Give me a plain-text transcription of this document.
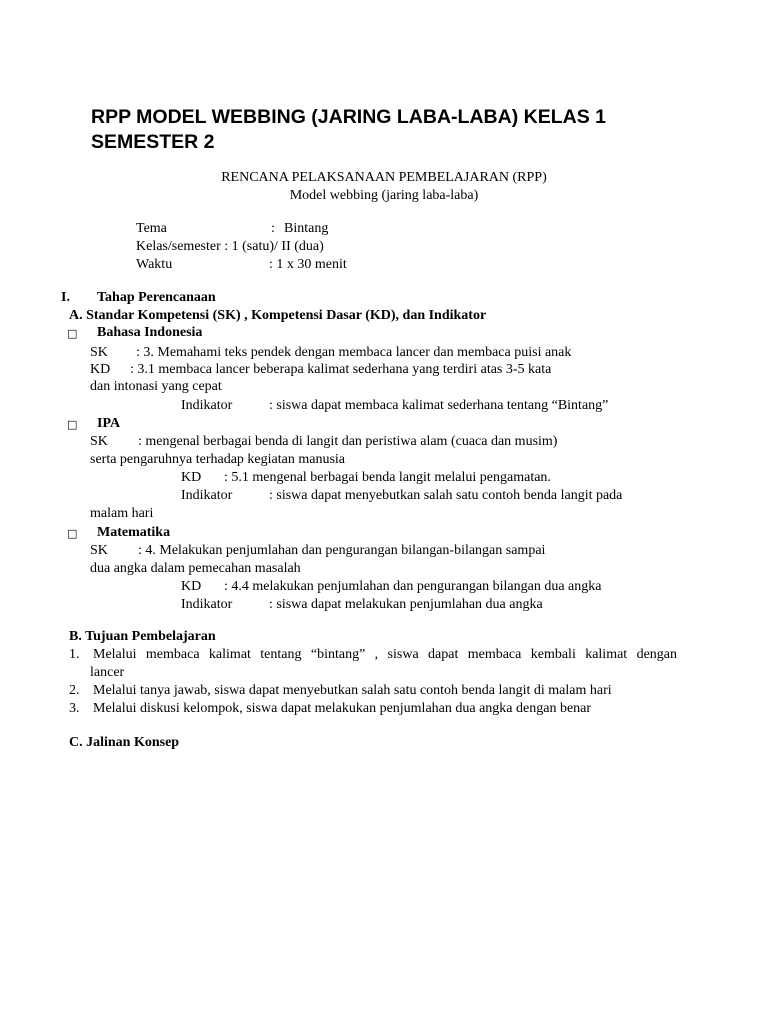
RPP MODEL WEBBING (JARING LABA-LABA) KELAS 1 SEMESTER 2
RENCANA PELAKSANAAN PEMBELAJARAN (RPP)
Model webbing (jaring laba-laba)
Tema	: Bintang
Kelas/semester : 1 (satu)/ II (dua)
Waktu	: 1 x 30 menit
I. Tahap Perencanaan
A. Standar Kompetensi (SK) , Kompetensi Dasar (KD), dan Indikator
□ Bahasa Indonesia
SK : 3. Memahami teks pendek dengan membaca lancer dan membaca puisi anak
KD : 3.1 membaca lancer beberapa kalimat sederhana yang terdiri atas 3-5 kata
dan intonasi yang cepat
Indikator	: siswa dapat membaca kalimat sederhana tentang “Bintang”
□ IPA
SK : mengenal berbagai benda di langit dan peristiwa alam (cuaca dan musim)
serta pengaruhnya terhadap kegiatan manusia
KD : 5.1 mengenal berbagai benda langit melalui pengamatan.
Indikator	: siswa dapat menyebutkan salah satu contoh benda langit pada
malam hari
□ Matematika
SK : 4. Melakukan penjumlahan dan pengurangan bilangan-bilangan sampai
dua angka dalam pemecahan masalah
KD : 4.4 melakukan penjumlahan dan pengurangan bilangan dua angka
Indikator	: siswa dapat melakukan penjumlahan dua angka
B. Tujuan Pembelajaran
1. Melalui membaca kalimat tentang “bintang” , siswa dapat membaca kembali kalimat dengan
lancer
2. Melalui tanya jawab, siswa dapat menyebutkan salah satu contoh benda langit di malam hari
3. Melalui diskusi kelompok, siswa dapat melakukan penjumlahan dua angka dengan benar
C. Jalinan Konsep
